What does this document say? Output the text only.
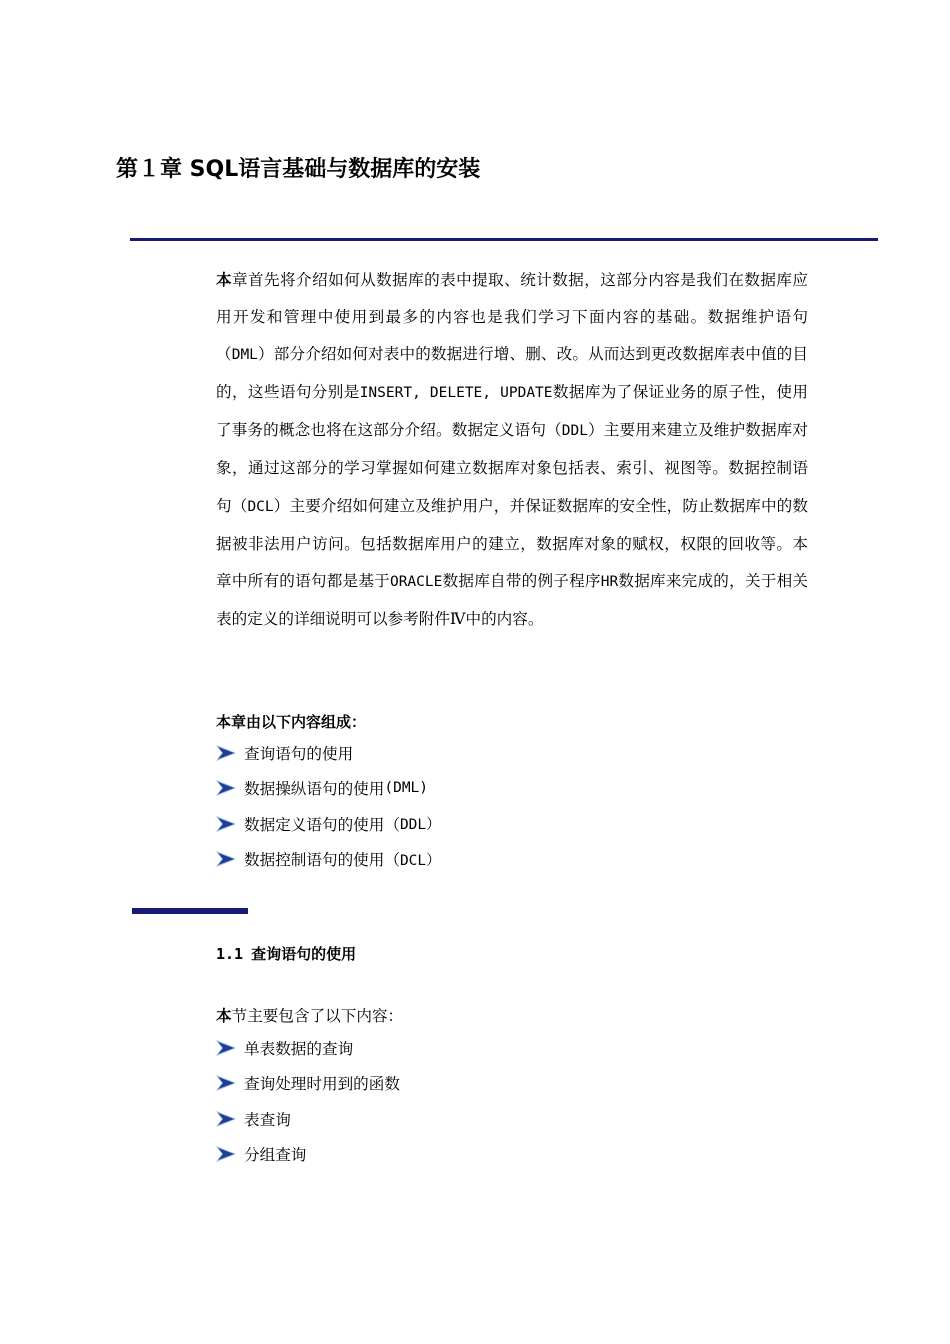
第１章 SQL语言基础与数据库的安装

本章首先将介绍如何从数据库的表中提取、统计数据，这部分内容是我们在数据库应用开发和管理中使用到最多的内容也是我们学习下面内容的基础。数据维护语句（DML）部分介绍如何对表中的数据进行增、删、改。从而达到更改数据库表中值的目的，这些语句分别是INSERT, DELETE, UPDATE数据库为了保证业务的原子性，使用了事务的概念也将在这部分介绍。数据定义语句（DDL）主要用来建立及维护数据库对象，通过这部分的学习掌握如何建立数据库对象包括表、索引、视图等。数据控制语句（DCL）主要介绍如何建立及维护用户，并保证数据库的安全性，防止数据库中的数据被非法用户访问。包括数据库用户的建立，数据库对象的赋权，权限的回收等。本章中所有的语句都是基于ORACLE数据库自带的例子程序HR数据库来完成的，关于相关表的定义的详细说明可以参考附件Ⅳ中的内容。

本章由以下内容组成：

查询语句的使用
数据操纵语句的使用 (DML)
数据定义语句的使用（ DDL）
数据控制语句的使用（ DCL）
1.1 查询语句的使用

本节主要包含了以下内容：

单表数据的查询
查询处理时用到的函数
表查询
分组查询
